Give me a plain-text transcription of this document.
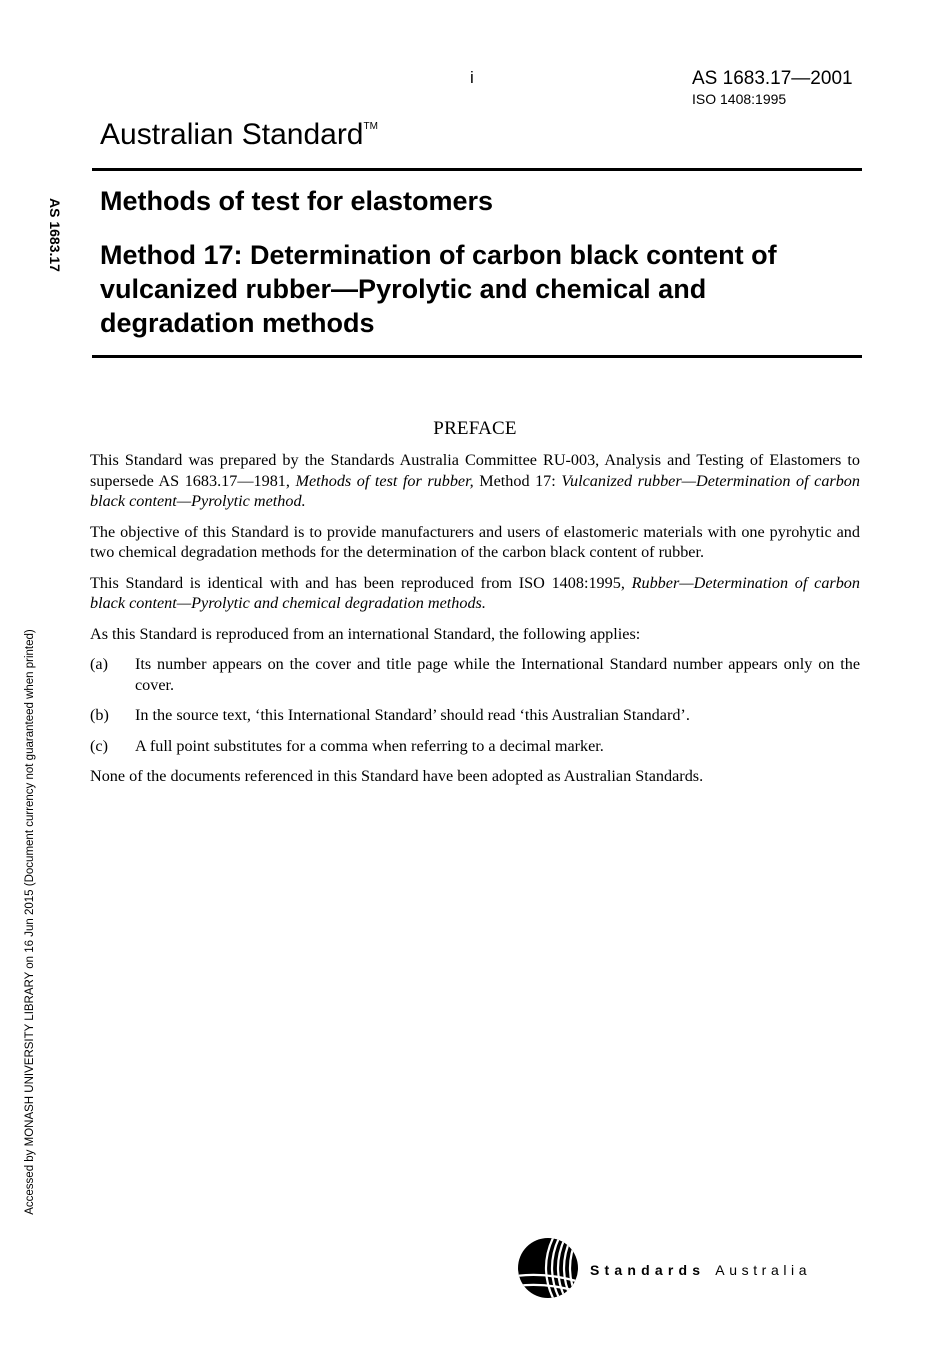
i	AS 1683.17—2001
ISO 1408:1995
Australian Standard™
AS 1683.17
Accessed by MONASH UNIVERSITY LIBRARY on 16 Jun 2015 (Document currency not guaranteed when printed)
Methods of test for elastomers
Method 17: Determination of carbon black content of vulcanized rubber—Pyrolytic and chemical and degradation methods
PREFACE

This Standard was prepared by the Standards Australia Committee RU-003, Analysis and Testing of Elastomers to supersede AS 1683.17—1981, Methods of test for rubber, Method 17: Vulcanized rubber—Determination of carbon black content—Pyrolytic method.

The objective of this Standard is to provide manufacturers and users of elastomeric materials with one pyrohytic and two chemical degradation methods for the determination of the carbon black content of rubber.

This Standard is identical with and has been reproduced from ISO 1408:1995, Rubber—Determination of carbon black content—Pyrolytic and chemical degradation methods.

As this Standard is reproduced from an international Standard, the following applies:

(a)	Its number appears on the cover and title page while the International Standard number appears only on the cover.
(b)	In the source text, ‘this International Standard’ should read ‘this Australian Standard’.
(c)	A full point substitutes for a comma when referring to a decimal marker.

None of the documents referenced in this Standard have been adopted as Australian Standards.

Standards Australia
